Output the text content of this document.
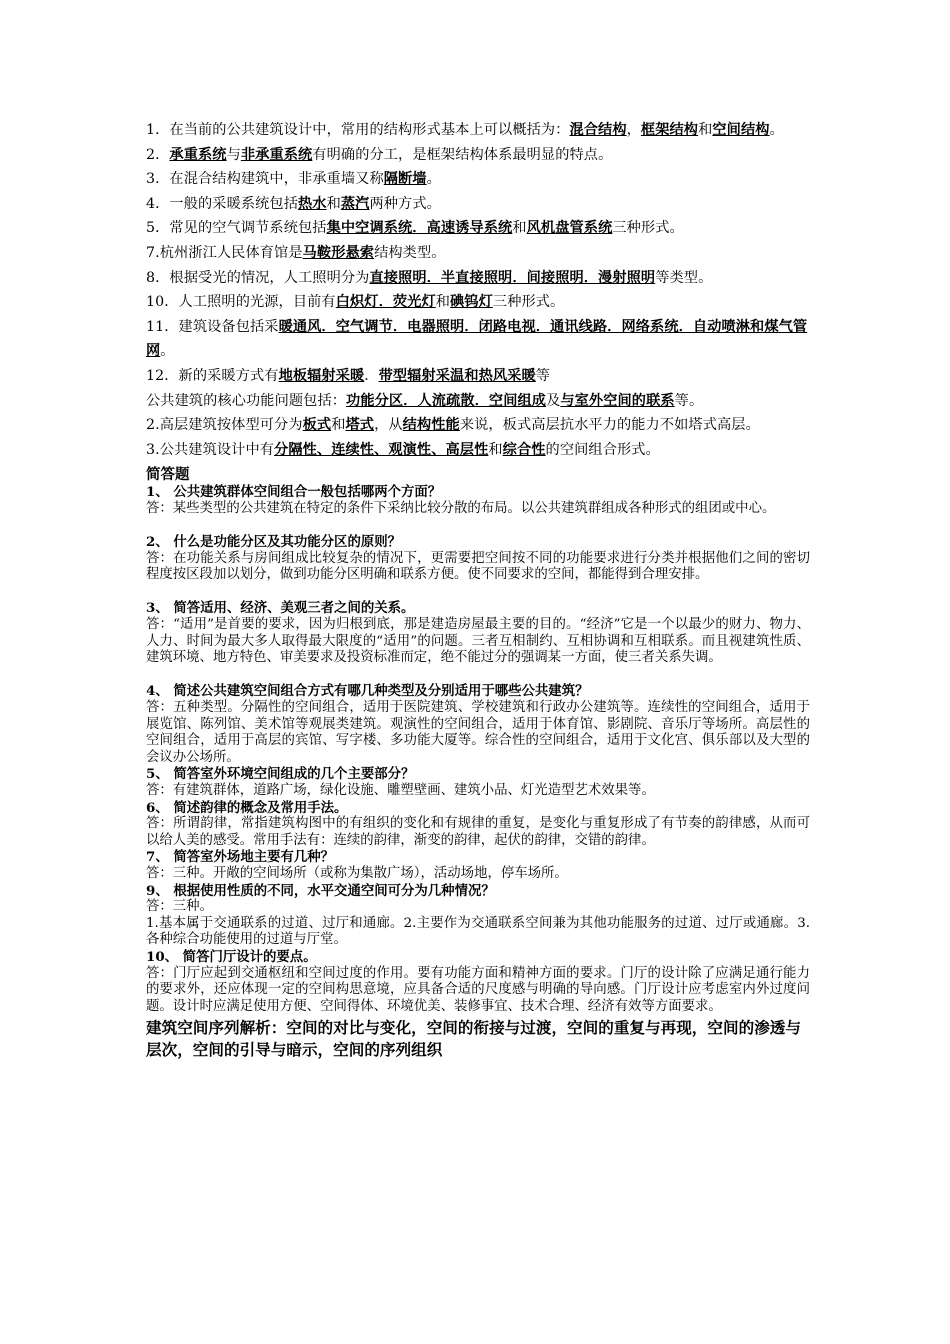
1．在当前的公共建筑设计中，常用的结构形式基本上可以概括为：混合结构，框架结构和空间结构。

2．承重系统与非承重系统有明确的分工，是框架结构体系最明显的特点。

3．在混合结构建筑中，非承重墙又称隔断墙。

4．一般的采暖系统包括热水和蒸汽两种方式。

5．常见的空气调节系统包括集中空调系统．高速诱导系统和风机盘管系统三种形式。

7.杭州浙江人民体育馆是马鞍形悬索结构类型。

8．根据受光的情况，人工照明分为直接照明．半直接照明．间接照明．漫射照明等类型。

10．人工照明的光源，目前有白炽灯．荧光灯和碘钨灯三种形式。

11．建筑设备包括采暖通风．空气调节．电器照明．闭路电视．通讯线路．网络系统．自动喷淋和煤气管网。

12．新的采暖方式有地板辐射采暖．带型辐射采温和热风采暖等

公共建筑的核心功能问题包括：功能分区．人流疏散．空间组成及与室外空间的联系等。

2.高层建筑按体型可分为板式和塔式，从结构性能来说，板式高层抗水平力的能力不如塔式高层。

3.公共建筑设计中有分隔性、连续性、观演性、高层性和综合性的空间组合形式。

简答题

1、 公共建筑群体空间组合一般包括哪两个方面？

答：某些类型的公共建筑在特定的条件下采纳比较分散的布局。以公共建筑群组成各种形式的组团或中心。

2、 什么是功能分区及其功能分区的原则？

答：在功能关系与房间组成比较复杂的情况下，更需要把空间按不同的功能要求进行分类并根据他们之间的密切程度按区段加以划分，做到功能分区明确和联系方便。使不同要求的空间，都能得到合理安排。

3、 简答适用、经济、美观三者之间的关系。

答：“适用”是首要的要求，因为归根到底，那是建造房屋最主要的目的。“经济”它是一个以最少的财力、物力、人力、时间为最大多人取得最大限度的“适用”的问题。三者互相制约、互相协调和互相联系。而且视建筑性质、建筑环境、地方特色、审美要求及投资标准而定，绝不能过分的强调某一方面，使三者关系失调。

4、 简述公共建筑空间组合方式有哪几种类型及分别适用于哪些公共建筑？

答：五种类型。分隔性的空间组合，适用于医院建筑、学校建筑和行政办公建筑等。连续性的空间组合，适用于展览馆、陈列馆、美术馆等观展类建筑。观演性的空间组合，适用于体育馆、影剧院、音乐厅等场所。高层性的空间组合，适用于高层的宾馆、写字楼、多功能大厦等。综合性的空间组合，适用于文化宫、俱乐部以及大型的会议办公场所。

5、 简答室外环境空间组成的几个主要部分？

答：有建筑群体，道路广场，绿化设施、雕塑壁画、建筑小品、灯光造型艺术效果等。

6、 简述韵律的概念及常用手法。

答：所谓韵律，常指建筑构图中的有组织的变化和有规律的重复，是变化与重复形成了有节奏的韵律感，从而可以给人美的感受。常用手法有：连续的韵律，渐变的韵律，起伏的韵律，交错的韵律。

7、 简答室外场地主要有几种？

答：三种。开敞的空间场所（或称为集散广场），活动场地，停车场所。

9、 根据使用性质的不同，水平交通空间可分为几种情况？

答：三种。

1.基本属于交通联系的过道、过厅和通廊。2.主要作为交通联系空间兼为其他功能服务的过道、过厅或通廊。3.各种综合功能使用的过道与厅堂。

10、 简答门厅设计的要点。

答：门厅应起到交通枢纽和空间过度的作用。要有功能方面和精神方面的要求。门厅的设计除了应满足通行能力的要求外，还应体现一定的空间构思意境，应具备合适的尺度感与明确的导向感。门厅设计应考虑室内外过度问题。设计时应满足使用方便、空间得体、环境优美、装修事宜、技术合理、经济有效等方面要求。

建筑空间序列解析：空间的对比与变化，空间的衔接与过渡，空间的重复与再现，空间的渗透与层次，空间的引导与暗示，空间的序列组织
